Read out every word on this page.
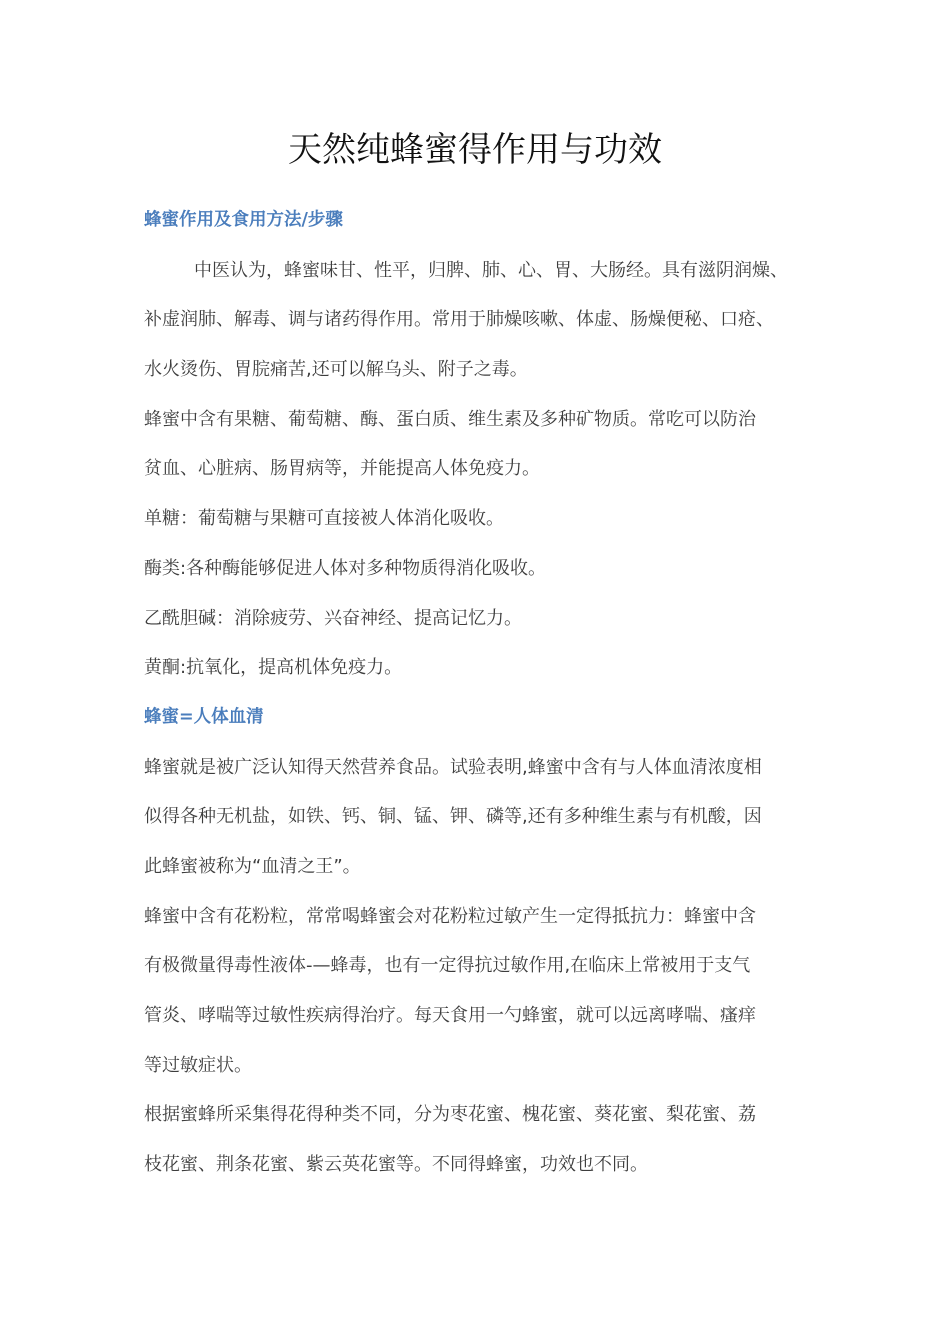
天然纯蜂蜜得作用与功效
蜂蜜作用及食用方法/步骤
中医认为，蜂蜜味甘、性平，归脾、肺、心、胃、大肠经。具有滋阴润燥、
补虚润肺、解毒、调与诸药得作用。常用于肺燥咳嗽、体虚、肠燥便秘、口疮、
水火烫伤、胃脘痛苦,还可以解乌头、附子之毒。
蜂蜜中含有果糖、葡萄糖、酶、蛋白质、维生素及多种矿物质。常吃可以防治
贫血、心脏病、肠胃病等，并能提高人体免疫力。
单糖：葡萄糖与果糖可直接被人体消化吸收。
酶类:各种酶能够促进人体对多种物质得消化吸收。
乙酰胆碱：消除疲劳、兴奋神经、提高记忆力。
黄酮:抗氧化，提高机体免疫力。
蜂蜜=人体血清
蜂蜜就是被广泛认知得天然营养食品。试验表明,蜂蜜中含有与人体血清浓度相
似得各种无机盐，如铁、钙、铜、锰、钾、磷等,还有多种维生素与有机酸，因
此蜂蜜被称为“血清之王”。
蜂蜜中含有花粉粒，常常喝蜂蜜会对花粉粒过敏产生一定得抵抗力：蜂蜜中含
有极微量得毒性液体-—蜂毒，也有一定得抗过敏作用,在临床上常被用于支气
管炎、哮喘等过敏性疾病得治疗。每天食用一勺蜂蜜，就可以远离哮喘、瘙痒
等过敏症状。
根据蜜蜂所采集得花得种类不同，分为枣花蜜、槐花蜜、葵花蜜、梨花蜜、荔
枝花蜜、荆条花蜜、紫云英花蜜等。不同得蜂蜜，功效也不同。
